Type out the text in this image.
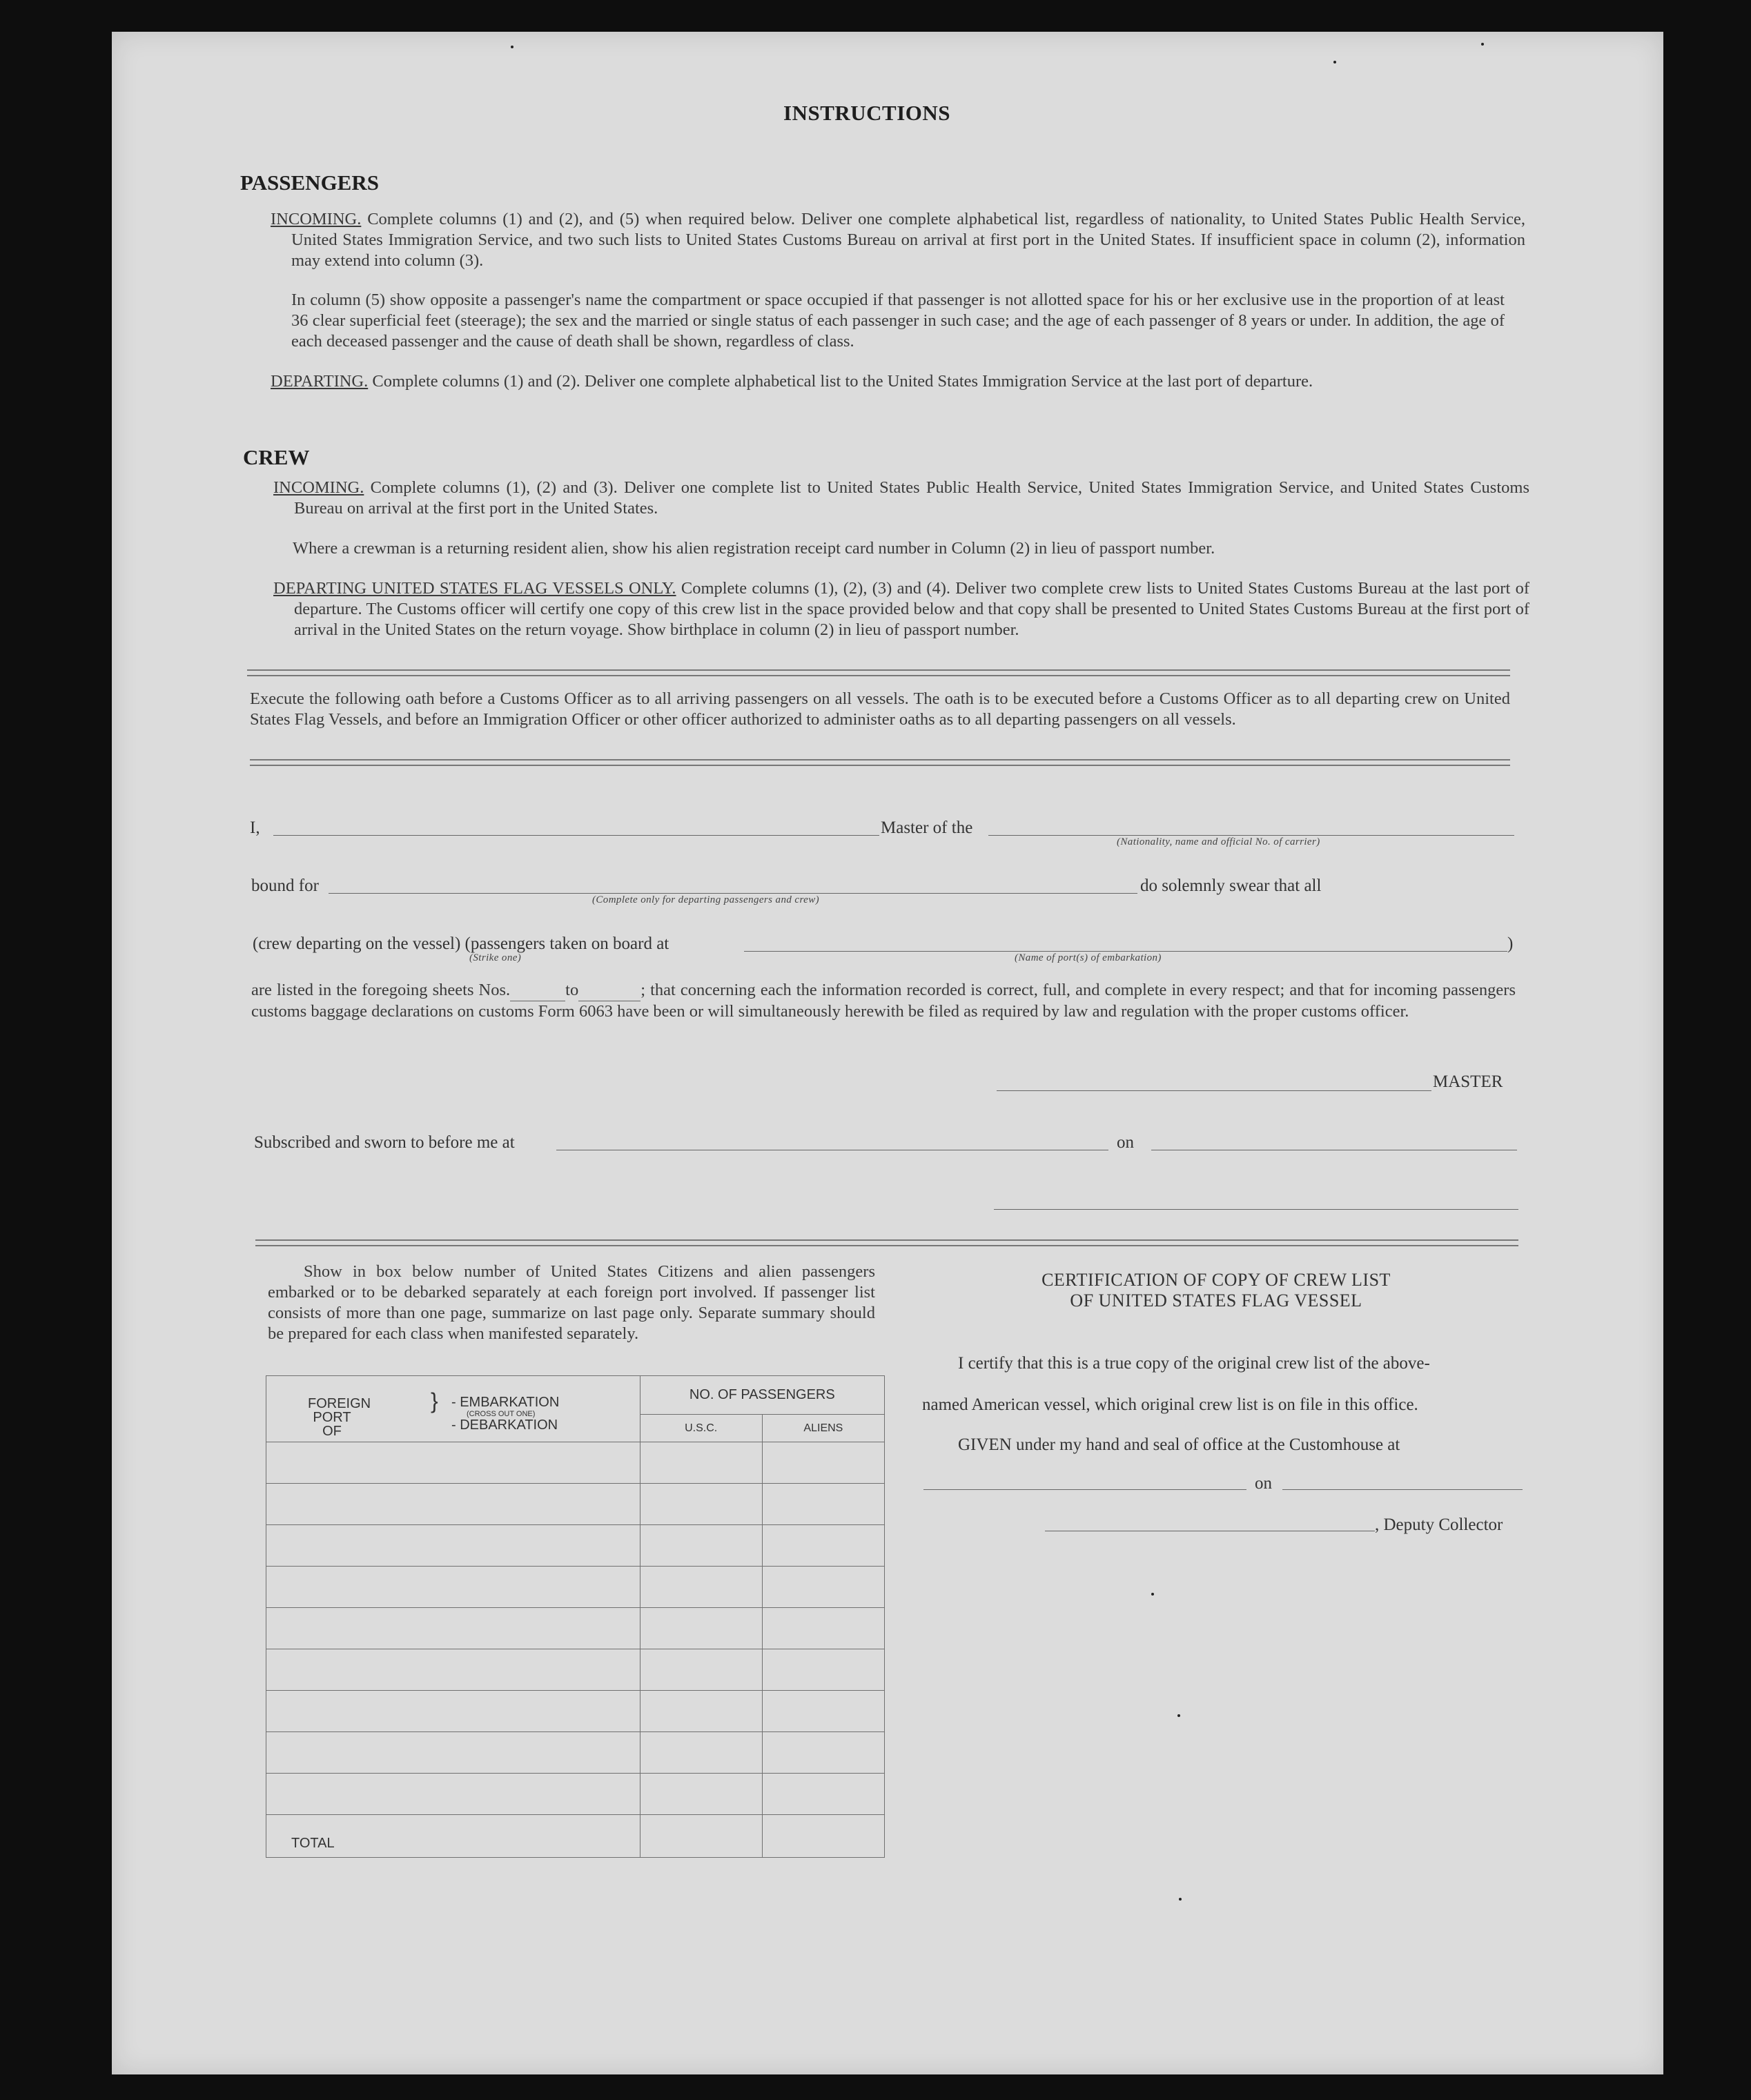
INSTRUCTIONS
PASSENGERS
INCOMING. Complete columns (1) and (2), and (5) when required below. Deliver one complete alphabetical list, regardless of nationality, to United States Public Health Service, United States Immigration Service, and two such lists to United States Customs Bureau on arrival at first port in the United States. If insufficient space in column (2), information may extend into column (3).
In column (5) show opposite a passenger's name the compartment or space occupied if that passenger is not allotted space for his or her exclusive use in the proportion of at least 36 clear superficial feet (steerage); the sex and the married or single status of each passenger in such case; and the age of each passenger of 8 years or under. In addition, the age of each deceased passenger and the cause of death shall be shown, regardless of class.
DEPARTING. Complete columns (1) and (2). Deliver one complete alphabetical list to the United States Immigration Service at the last port of departure.
CREW
INCOMING. Complete columns (1), (2) and (3). Deliver one complete list to United States Public Health Service, United States Immigration Service, and United States Customs Bureau on arrival at the first port in the United States.
Where a crewman is a returning resident alien, show his alien registration receipt card number in Column (2) in lieu of passport number.
DEPARTING UNITED STATES FLAG VESSELS ONLY. Complete columns (1), (2), (3) and (4). Deliver two complete crew lists to United States Customs Bureau at the last port of departure. The Customs officer will certify one copy of this crew list in the space provided below and that copy shall be presented to United States Customs Bureau at the first port of arrival in the United States on the return voyage. Show birthplace in column (2) in lieu of passport number.
Execute the following oath before a Customs Officer as to all arriving passengers on all vessels. The oath is to be executed before a Customs Officer as to all departing crew on United States Flag Vessels, and before an Immigration Officer or other officer authorized to administer oaths as to all departing passengers on all vessels.
I,	Master of the
(Nationality, name and official No. of carrier)
bound for
(Complete only for departing passengers and crew)
do solemnly swear that all
(crew departing on the vessel) (passengers taken on board at	)
(Strike one)	(Name of port(s) of embarkation)
are listed in the foregoing sheets Nos.	to	; that concerning each the information recorded is correct, full, and complete in every respect; and that for incoming passengers customs baggage declarations on customs Form 6063 have been or will simultaneously herewith be filed as required by law and regulation with the proper customs officer.
MASTER
Subscribed and sworn to before me at	on
Show in box below number of United States Citizens and alien passengers embarked or to be debarked separately at each foreign port involved. If passenger list consists of more than one page, summarize on last page only. Separate summary should be prepared for each class when manifested separately.
FOREIGN PORT OF
} - EMBARKATION
(CROSS OUT ONE)
- DEBARKATION	NO. OF PASSENGERS	
	U.S.C.	ALIENS

TOTAL		

CERTIFICATION OF COPY OF CREW LIST
OF UNITED STATES FLAG VESSEL
I certify that this is a true copy of the original crew list of the above-
named American vessel, which original crew list is on file in this office.
GIVEN under my hand and seal of office at the Customhouse at
on
, Deputy Collector
